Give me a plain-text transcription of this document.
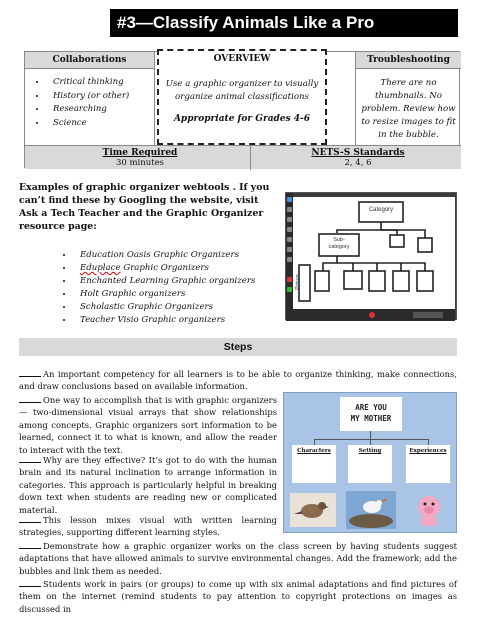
#3—Classify Animals Like a Pro
Collaborations
• Critical thinking
• History (or other)
• Researching
• Science
Troubleshooting
There are no thumbnails. No problem. Review how to resize images to fit in the bubble.
Time Required
30 minutes
NETS-S Standards
2, 4, 6
OVERVIEW
Use a graphic organizer to visually organize animal classifications
Appropriate for Grades 4-6
Examples of graphic organizer webtools . If you can’t find these by Googling the website, visit Ask a Tech Teacher and the Graphic Organizer resource page:
• Education Oasis Graphic Organizers
• Eduplace Graphic Organizers
• Enchanted Learning Graphic organizers
• Holt Graphic organizers
• Scholastic Graphic Organizers
• Teacher Visio Graphic organizers
Category
Sub-
category
Picture
Steps
An important competency for all learners is to be able to organize thinking, make connections, and draw conclusions based on available information.
One way to accomplish that is with graphic organizers— two-dimensional visual arrays that show relationships among concepts. Graphic organizers sort information to be learned, connect it to what is known, and allow the reader to interact with the text.
Why are they effective? It’s got to do with the human brain and its natural inclination to arrange information in categories. This approach is particularly helpful in breaking down text when students are reading new or complicated material.
This lesson mixes visual with written learning strategies, supporting different learning styles.
Demonstrate how a graphic organizer works on the class screen by having students suggest adaptations that have allowed animals to survive environmental changes. Add the framework; add the bubbles and link them as needed.
Students work in pairs (or groups) to come up with six animal adaptations and find pictures of them on the internet (remind students to pay attention to copyright protections on images as discussed in
ARE YOU
MY MOTHER
Characters	Setting	Experiences
